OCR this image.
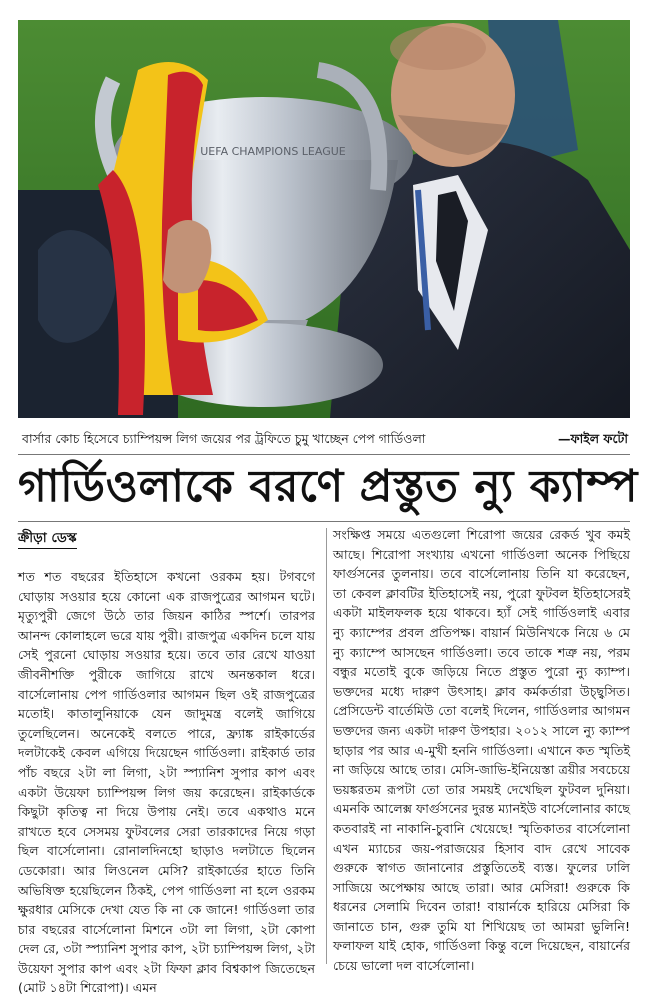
UEFA CHAMPIONS LEAGUE
বার্সার কোচ হিসেবে চ্যাম্পিয়ন্স লিগ জয়ের পর ট্রফিতে চুমু খাচ্ছেন পেপ গার্ডিওলা	—ফাইল ফটো
গার্ডিওলাকে বরণে প্রস্তুত ন্যু ক্যাম্প
ক্রীড়া ডেস্ক

শত শত বছরের ইতিহাসে কখনো ওরকম হয়। টগবগে ঘোড়ায় সওয়ার হয়ে কোনো এক রাজপুত্রের আগমন ঘটে। মৃত্যুপুরী জেগে উঠে তার জিয়ন কাঠির স্পর্শে। তারপর আনন্দ কোলাহলে ভরে যায় পুরী। রাজপুত্র একদিন চলে যায় সেই পুরনো ঘোড়ায় সওয়ার হয়ে। তবে তার রেখে যাওয়া জীবনীশক্তি পুরীকে জাগিয়ে রাখে অনন্তকাল ধরে। বার্সেলোনায় পেপ গার্ডিওলার আগমন ছিল ওই রাজপুত্রের মতোই। কাতালুনিয়াকে যেন জাদুমন্ত্র বলেই জাগিয়ে তুলেছিলেন। অনেকেই বলতে পারে, ফ্র্যাঙ্ক রাইকার্ডের দলটাকেই কেবল এগিয়ে দিয়েছেন গার্ডিওলা। রাইকার্ড তার পাঁচ বছরে ২টা লা লিগা, ২টা স্প্যানিশ সুপার কাপ এবং একটা উয়েফা চ্যাম্পিয়ন্স লিগ জয় করেছেন। রাইকার্ডকে কিছুটা কৃতিত্ব না দিয়ে উপায় নেই। তবে একথাও মনে রাখতে হবে সেসময় ফুটবলের সেরা তারকাদের নিয়ে গড়া ছিল বার্সেলোনা। রোনালদিনহো ছাড়াও দলটাতে ছিলেন ডেকোরা। আর লিওনেল মেসি? রাইকার্ডের হাতে তিনি অভিষিক্ত হয়েছিলেন ঠিকই, পেপ গার্ডিওলা না হলে ওরকম ক্ষুরধার মেসিকে দেখা যেত কি না কে জানে! গার্ডিওলা তার চার বছরের বার্সেলোনা মিশনে ৩টা লা লিগা, ২টা কোপা দেল রে, ৩টা স্প্যানিশ সুপার কাপ, ২টা চ্যাম্পিয়ন্স লিগ, ২টা উয়েফা সুপার কাপ এবং ২টা ফিফা ক্লাব বিশ্বকাপ জিতেছেন (মোট ১৪টা শিরোপা)। এমন

সংক্ষিপ্ত সময়ে এতগুলো শিরোপা জয়ের রেকর্ড খুব কমই আছে। শিরোপা সংখ্যায় এখনো গার্ডিওলা অনেক পিছিয়ে ফার্গুসনের তুলনায়। তবে বার্সেলোনায় তিনি যা করেছেন, তা কেবল ক্লাবটির ইতিহাসেই নয়, পুরো ফুটবল ইতিহাসেরই একটা মাইলফলক হয়ে থাকবে। হ্যাঁ সেই গার্ডিওলাই এবার ন্যু ক্যাম্পের প্রবল প্রতিপক্ষ। বায়ার্ন মিউনিখকে নিয়ে ৬ মে ন্যু ক্যাম্পে আসছেন গার্ডিওলা। তবে তাকে শত্রু নয়, পরম বন্ধুর মতোই বুকে জড়িয়ে নিতে প্রস্তুত পুরো ন্যু ক্যাম্প। ভক্তদের মধ্যে দারুণ উৎসাহ। ক্লাব কর্মকর্তারা উচ্ছ্বসিত। প্রেসিডেন্ট বার্তেমিউ তো বলেই দিলেন, গার্ডিওলার আগমন ভক্তদের জন্য একটা দারুণ উপহার। ২০১২ সালে ন্যু ক্যাম্প ছাড়ার পর আর এ-মুখী হননি গার্ডিওলা। এখানে কত স্মৃতিই না জড়িয়ে আছে তার। মেসি-জাভি-ইনিয়েস্তা ত্রয়ীর সবচেয়ে ভয়ঙ্করতম রূপটা তো তার সময়ই দেখেছিল ফুটবল দুনিয়া। এমনকি আলেক্স ফার্গুসনের দুরন্ত ম্যানইউ বার্সেলোনার কাছে কতবারই না নাকানি-চুবানি খেয়েছে! স্মৃতিকাতর বার্সেলোনা এখন ম্যাচের জয়-পরাজয়ের হিসাব বাদ রেখে সাবেক গুরুকে স্বাগত জানানোর প্রস্তুতিতেই ব্যস্ত। ফুলের ঢালি সাজিয়ে অপেক্ষায় আছে তারা। আর মেসিরা! গুরুকে কি ধরনের সেলামি দিবেন তারা! বায়ার্নকে হারিয়ে মেসিরা কি জানাতে চান, গুরু তুমি যা শিখিয়েছ তা আমরা ভুলিনি! ফলাফল যাই হোক, গার্ডিওলা কিন্তু বলে দিয়েছেন, বায়ার্নের চেয়ে ভালো দল বার্সেলোনা।
